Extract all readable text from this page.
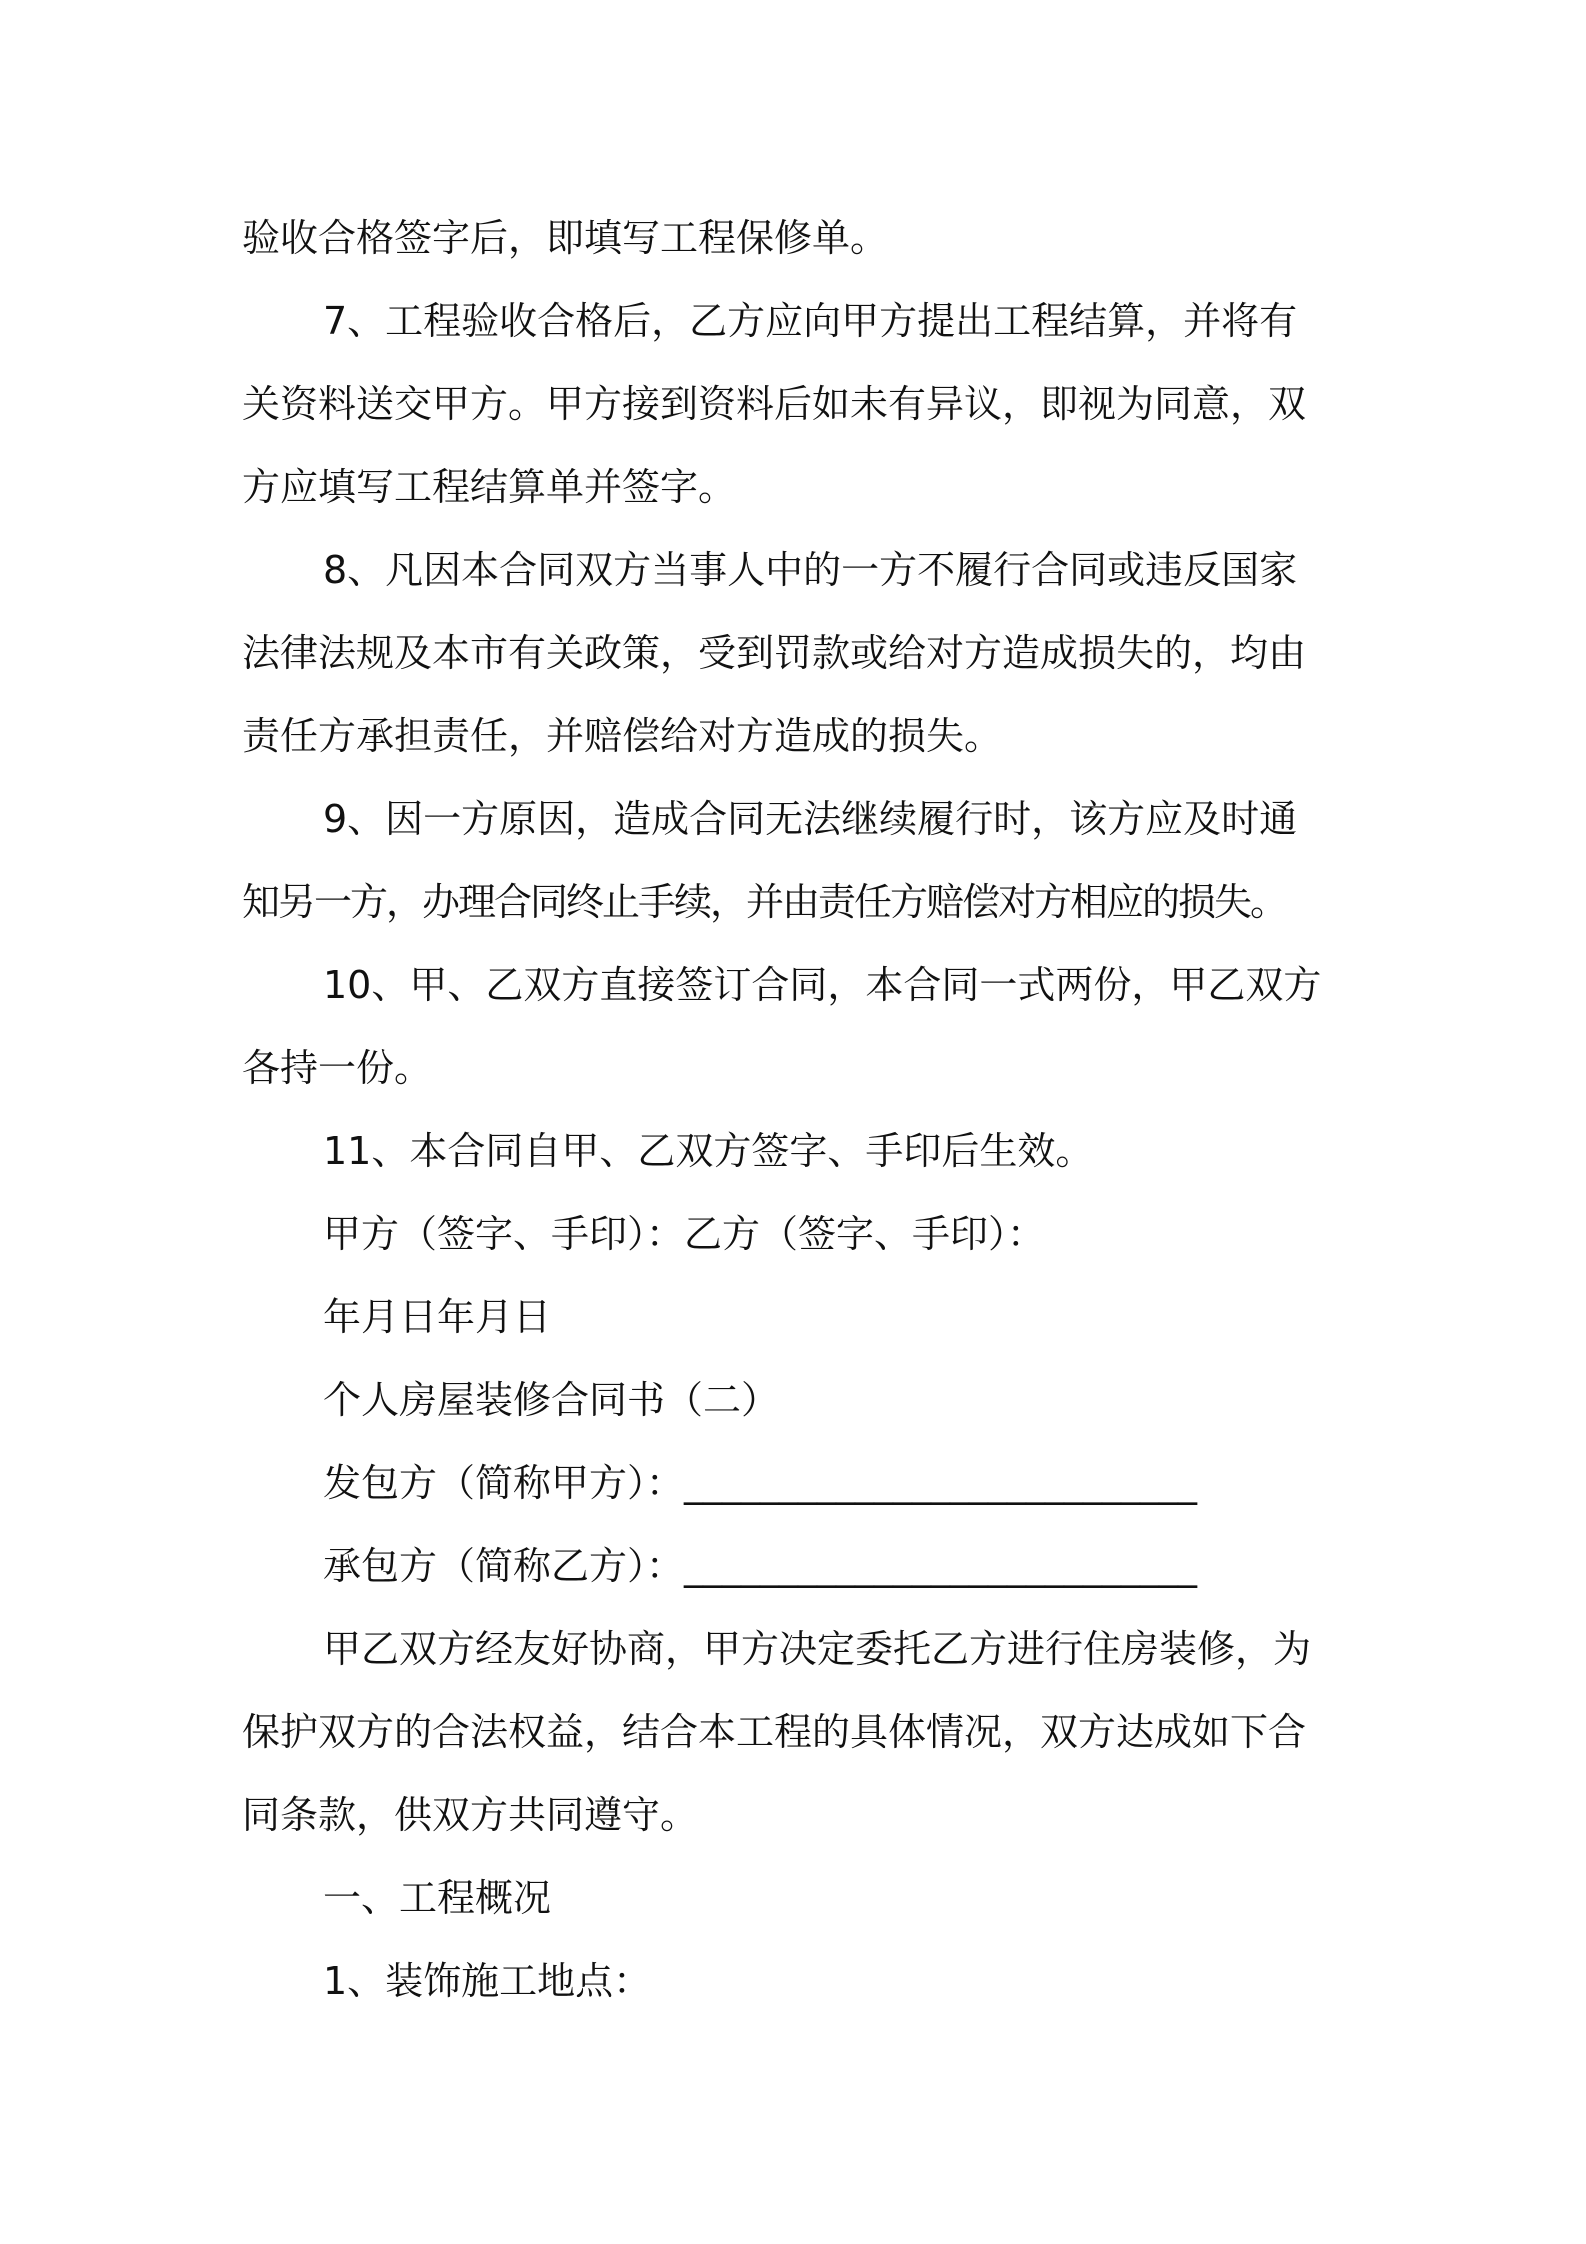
验收合格签字后，即填写工程保修单。
7、工程验收合格后，乙方应向甲方提出工程结算，并将有
关资料送交甲方。甲方接到资料后如未有异议，即视为同意，双
方应填写工程结算单并签字。
8、凡因本合同双方当事人中的一方不履行合同或违反国家
法律法规及本市有关政策，受到罚款或给对方造成损失的，均由
责任方承担责任，并赔偿给对方造成的损失。
9、因一方原因，造成合同无法继续履行时，该方应及时通
知另一方，办理合同终止手续，并由责任方赔偿对方相应的损失。
10、甲、乙双方直接签订合同，本合同一式两份，甲乙双方
各持一份。
11、本合同自甲、乙双方签字、手印后生效。
甲方（签字、手印）：乙方（签字、手印）：
年月日年月日
个人房屋装修合同书（二）
发包方（简称甲方）：___________________________
承包方（简称乙方）：___________________________
甲乙双方经友好协商，甲方决定委托乙方进行住房装修，为
保护双方的合法权益，结合本工程的具体情况，双方达成如下合
同条款，供双方共同遵守。
一、工程概况
1、装饰施工地点：
